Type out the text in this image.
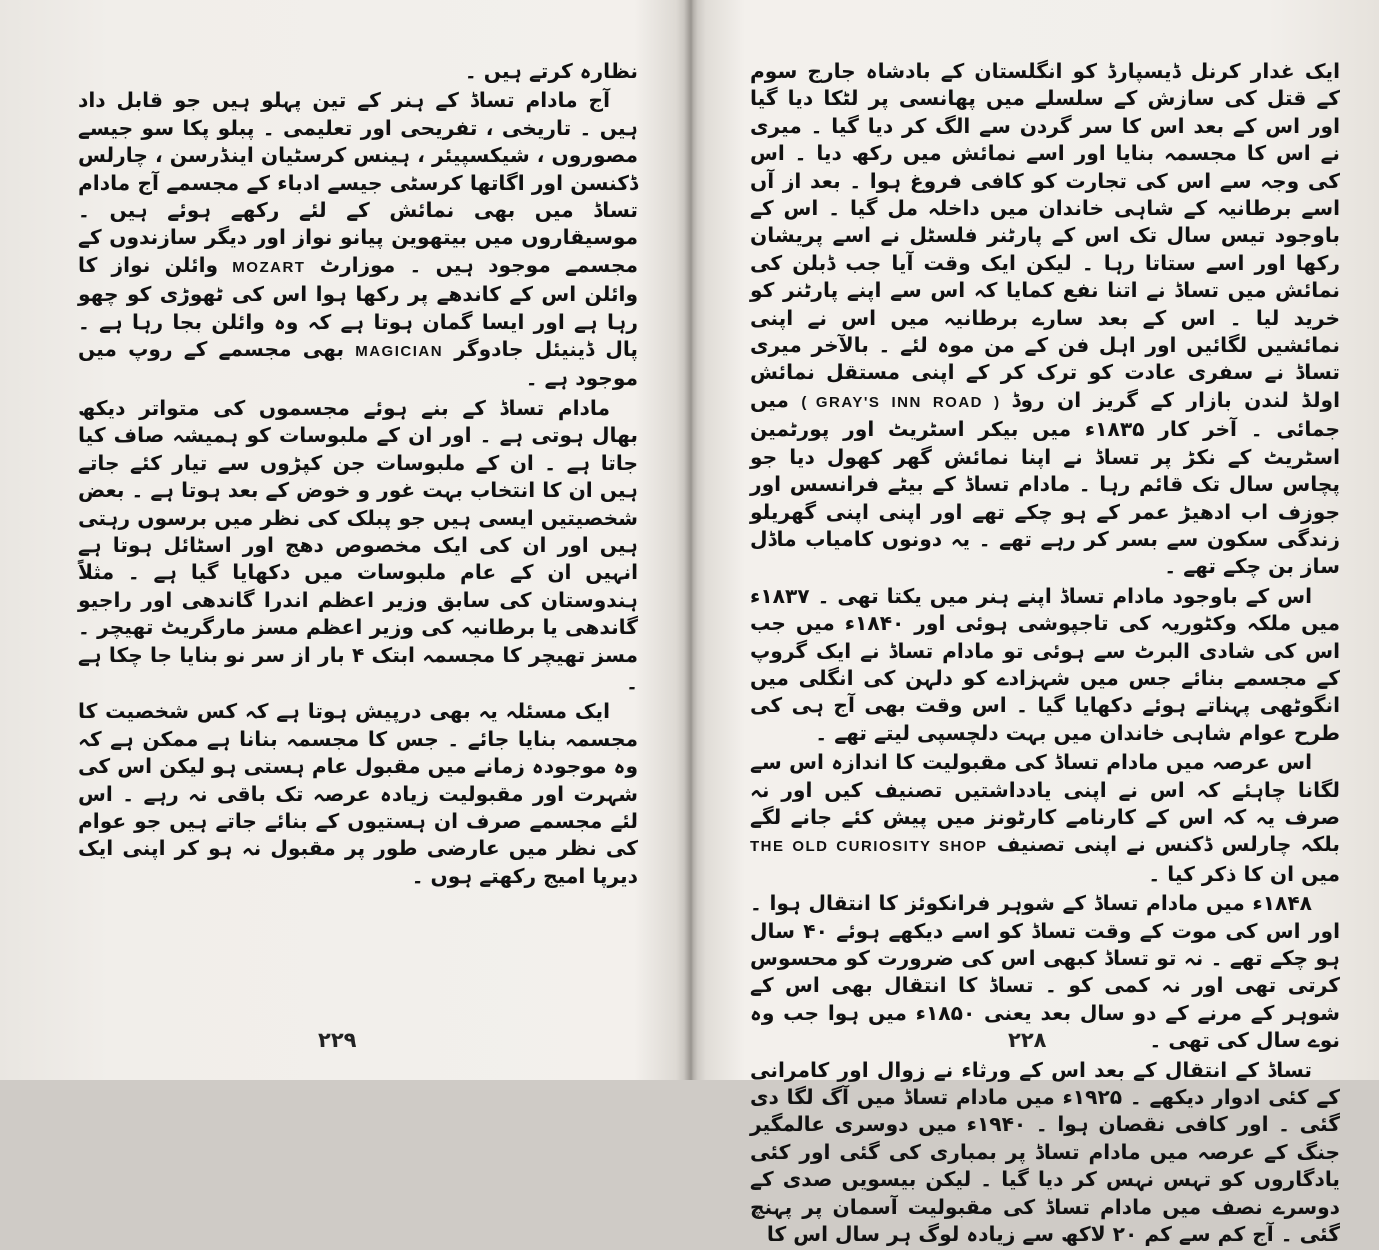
نظارہ کرتے ہیں ۔

آج مادام تساڈ کے ہنر کے تین پہلو ہیں جو قابل داد ہیں ۔ تاریخی ، تفریحی اور تعلیمی ۔ پبلو پکا سو جیسے مصوروں ، شیکسپیئر ، ہینس کرسٹیان اینڈرسن ، چارلس ڈکنسن اور اگاتھا کرسٹی جیسے ادباء کے مجسمے آج مادام تساڈ میں بھی نمائش کے لئے رکھے ہوئے ہیں ۔ موسیقاروں میں بیتھوین پیانو نواز اور دیگر سازندوں کے مجسمے موجود ہیں ۔ موزارٹ MOZART وائلن نواز کا وائلن اس کے کاندھے پر رکھا ہوا اس کی ٹھوڑی کو چھو رہا ہے اور ایسا گمان ہوتا ہے کہ وہ وائلن بجا رہا ہے ۔ پال ڈینیئل جادوگر MAGICIAN بھی مجسمے کے روپ میں موجود ہے ۔

مادام تساڈ کے بنے ہوئے مجسموں کی متواتر دیکھ بھال ہوتی ہے ۔ اور ان کے ملبوسات کو ہمیشہ صاف کیا جاتا ہے ۔ ان کے ملبوسات جن کپڑوں سے تیار کئے جاتے ہیں ان کا انتخاب بہت غور و خوض کے بعد ہوتا ہے ۔ بعض شخصیتیں ایسی ہیں جو پبلک کی نظر میں برسوں رہتی ہیں اور ان کی ایک مخصوص دھج اور اسٹائل ہوتا ہے انہیں ان کے عام ملبوسات میں دکھایا گیا ہے ۔ مثلاً ہندوستان کی سابق وزیر اعظم اندرا گاندھی اور راجیو گاندھی یا برطانیہ کی وزیر اعظم مسز مارگریٹ تھیچر ۔ مسز تھیچر کا مجسمہ ابتک ۴ بار از سر نو بنایا جا چکا ہے ۔

ایک مسئلہ یہ بھی درپیش ہوتا ہے کہ کس شخصیت کا مجسمہ بنایا جائے ۔ جس کا مجسمہ بنانا ہے ممکن ہے کہ وہ موجودہ زمانے میں مقبول عام ہستی ہو لیکن اس کی شہرت اور مقبولیت زیادہ عرصہ تک باقی نہ رہے ۔ اس لئے مجسمے صرف ان ہستیوں کے بنائے جاتے ہیں جو عوام کی نظر میں عارضی طور پر مقبول نہ ہو کر اپنی ایک دیرپا امیج رکھتے ہوں ۔

۲۲۹

ایک غدار کرنل ڈیسپارڈ کو انگلستان کے بادشاہ جارج سوم کے قتل کی سازش کے سلسلے میں پھانسی پر لٹکا دیا گیا اور اس کے بعد اس کا سر گردن سے الگ کر دیا گیا ۔ میری نے اس کا مجسمہ بنایا اور اسے نمائش میں رکھ دیا ۔ اس کی وجہ سے اس کی تجارت کو کافی فروغ ہوا ۔ بعد از آں اسے برطانیہ کے شاہی خاندان میں داخلہ مل گیا ۔ اس کے باوجود تیس سال تک اس کے پارٹنر فلسٹل نے اسے پریشان رکھا اور اسے ستاتا رہا ۔ لیکن ایک وقت آیا جب ڈبلن کی نمائش میں تساڈ نے اتنا نفع کمایا کہ اس سے اپنے پارٹنر کو خرید لیا ۔ اس کے بعد سارے برطانیہ میں اس نے اپنی نمائشیں لگائیں اور اہل فن کے من موہ لئے ۔ بالآخر میری تساڈ نے سفری عادت کو ترک کر کے اپنی مستقل نمائش اولڈ لندن بازار کے گریز ان روڈ ( GRAY'S INN ROAD ) میں جمائی ۔ آخر کار ۱۸۳۵ء میں بیکر اسٹریٹ اور پورٹمین اسٹریٹ کے نکڑ پر تساڈ نے اپنا نمائش گھر کھول دیا جو پچاس سال تک قائم رہا ۔ مادام تساڈ کے بیٹے فرانسس اور جوزف اب ادھیڑ عمر کے ہو چکے تھے اور اپنی اپنی گھریلو زندگی سکون سے بسر کر رہے تھے ۔ یہ دونوں کامیاب ماڈل ساز بن چکے تھے ۔

اس کے باوجود مادام تساڈ اپنے ہنر میں یکتا تھی ۔ ۱۸۳۷ء میں ملکہ وکٹوریہ کی تاجپوشی ہوئی اور ۱۸۴۰ء میں جب اس کی شادی البرٹ سے ہوئی تو مادام تساڈ نے ایک گروپ کے مجسمے بنائے جس میں شہزادے کو دلہن کی انگلی میں انگوٹھی پہناتے ہوئے دکھایا گیا ۔ اس وقت بھی آج ہی کی طرح عوام شاہی خاندان میں بہت دلچسپی لیتے تھے ۔

اس عرصہ میں مادام تساڈ کی مقبولیت کا اندازہ اس سے لگانا چاہئے کہ اس نے اپنی یادداشتیں تصنیف کیں اور نہ صرف یہ کہ اس کے کارنامے کارٹونز میں پیش کئے جانے لگے بلکہ چارلس ڈکنس نے اپنی تصنیف THE OLD CURIOSITY SHOP میں ان کا ذکر کیا ۔

۱۸۴۸ء میں مادام تساڈ کے شوہر فرانکوئز کا انتقال ہوا ۔ اور اس کی موت کے وقت تساڈ کو اسے دیکھے ہوئے ۴۰ سال ہو چکے تھے ۔ نہ تو تساڈ کبھی اس کی ضرورت کو محسوس کرتی تھی اور نہ کمی کو ۔ تساڈ کا انتقال بھی اس کے شوہر کے مرنے کے دو سال بعد یعنی ۱۸۵۰ء میں ہوا جب وہ نوے سال کی تھی ۔

تساڈ کے انتقال کے بعد اس کے ورثاء نے زوال اور کامرانی کے کئی ادوار دیکھے ۔ ۱۹۲۵ء میں مادام تساڈ میں آگ لگا دی گئی ۔ اور کافی نقصان ہوا ۔ ۱۹۴۰ء میں دوسری عالمگیر جنگ کے عرصہ میں مادام تساڈ پر بمباری کی گئی اور کئی یادگاروں کو تہس نہس کر دیا گیا ۔ لیکن بیسویں صدی کے دوسرے نصف میں مادام تساڈ کی مقبولیت آسمان پر پہنچ گئی ۔ آج کم سے کم ۲۰ لاکھ سے زیادہ لوگ ہر سال اس کا

۲۲۸
